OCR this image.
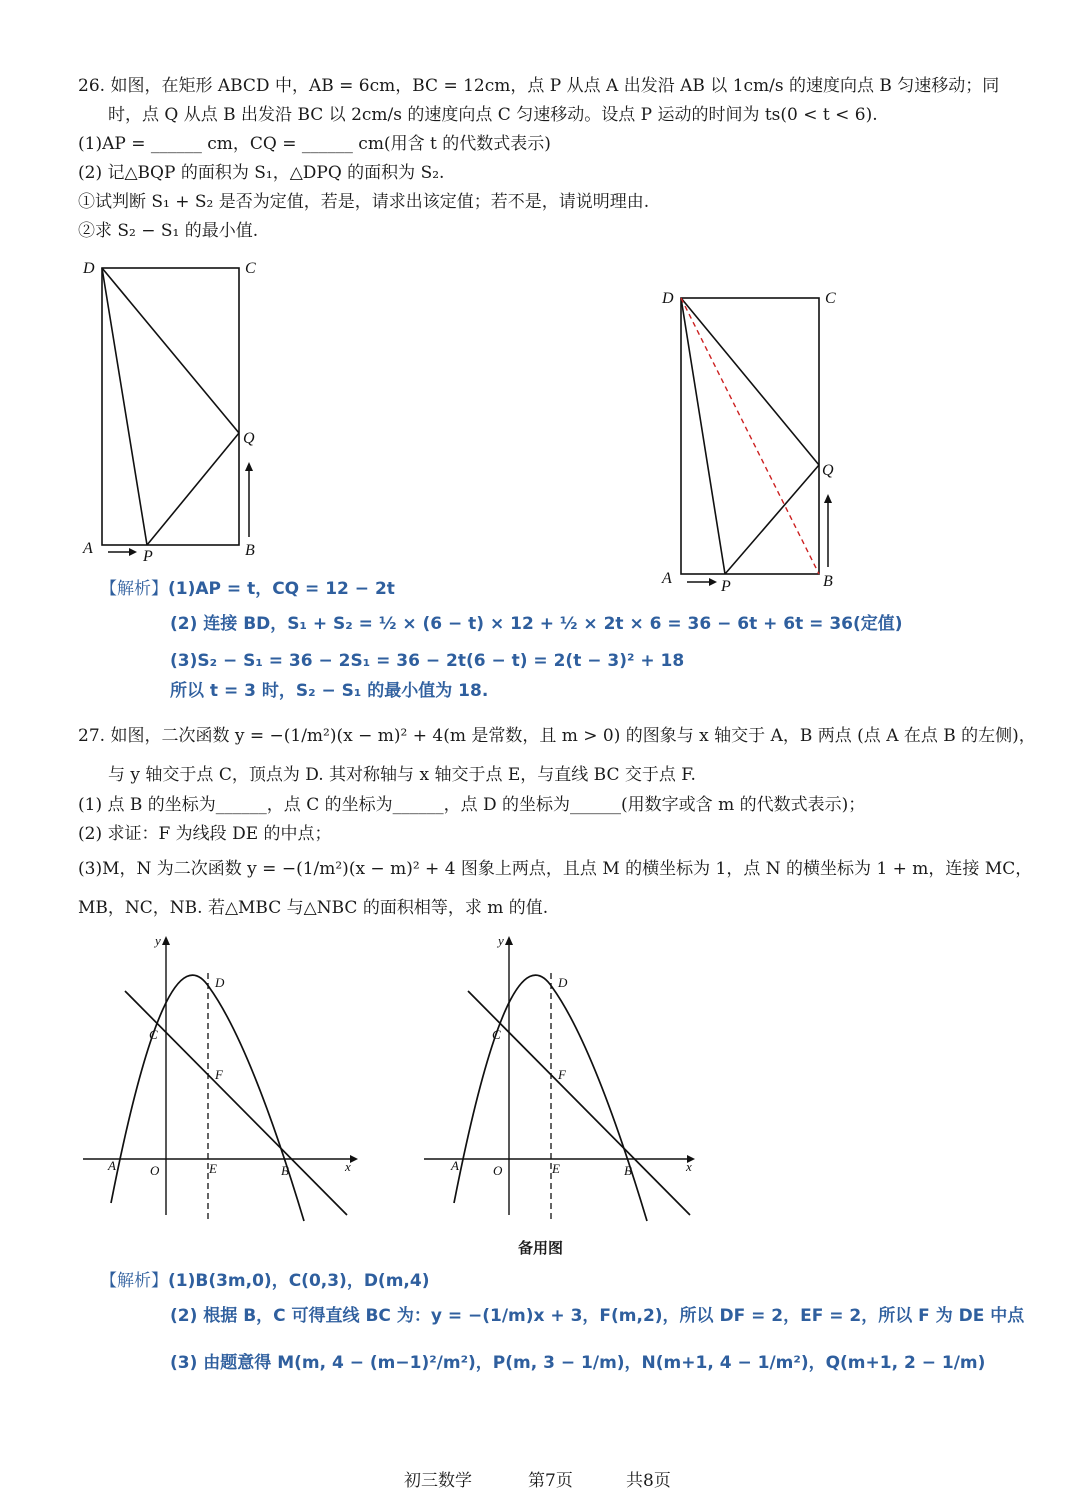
26. 如图，在矩形 ABCD 中，AB = 6cm，BC = 12cm，点 P 从点 A 出发沿 AB 以 1cm/s 的速度向点 B 匀速移动；同
时，点 Q 从点 B 出发沿 BC 以 2cm/s 的速度向点 C 匀速移动。设点 P 运动的时间为 ts(0 < t < 6).
(1)AP = ______ cm，CQ = ______ cm(用含 t 的代数式表示)
(2) 记△BQP 的面积为 S₁，△DPQ 的面积为 S₂.
①试判断 S₁ + S₂ 是否为定值，若是，请求出该定值；若不是，请说明理由.
②求 S₂ − S₁ 的最小值.
D	C
Q
A	P	B
D	C
Q
A	P	B
【解析】(1)AP = t，CQ = 12 − 2t
(2) 连接 BD，S₁ + S₂ = ½ × (6 − t) × 12 + ½ × 2t × 6 = 36 − 6t + 6t = 36(定值)
(3)S₂ − S₁ = 36 − 2S₁ = 36 − 2t(6 − t) = 2(t − 3)² + 18
所以 t = 3 时，S₂ − S₁ 的最小值为 18.
27. 如图，二次函数 y = −(1/m²)(x − m)² + 4(m 是常数，且 m > 0) 的图象与 x 轴交于 A，B 两点 (点 A 在点 B 的左侧)，
与 y 轴交于点 C，顶点为 D. 其对称轴与 x 轴交于点 E，与直线 BC 交于点 F.
(1) 点 B 的坐标为______，点 C 的坐标为______，点 D 的坐标为______(用数字或含 m 的代数式表示)；
(2) 求证：F 为线段 DE 的中点；
(3)M，N 为二次函数 y = −(1/m²)(x − m)² + 4 图象上两点，且点 M 的横坐标为 1，点 N 的横坐标为 1 + m，连接 MC，
MB，NC，NB. 若△MBC 与△NBC 的面积相等，求 m 的值.
y
x
A	O	E	B
C
D
F
y
x
A	O	E	B
C
D
F
备用图
【解析】(1)B(3m,0)，C(0,3)，D(m,4)
(2) 根据 B，C 可得直线 BC 为：y = −(1/m)x + 3，F(m,2)，所以 DF = 2，EF = 2，所以 F 为 DE 中点
(3) 由题意得 M(m, 4 − (m−1)²/m²)，P(m, 3 − 1/m)，N(m+1, 4 − 1/m²)，Q(m+1, 2 − 1/m)
初三数学	第7页	共8页
